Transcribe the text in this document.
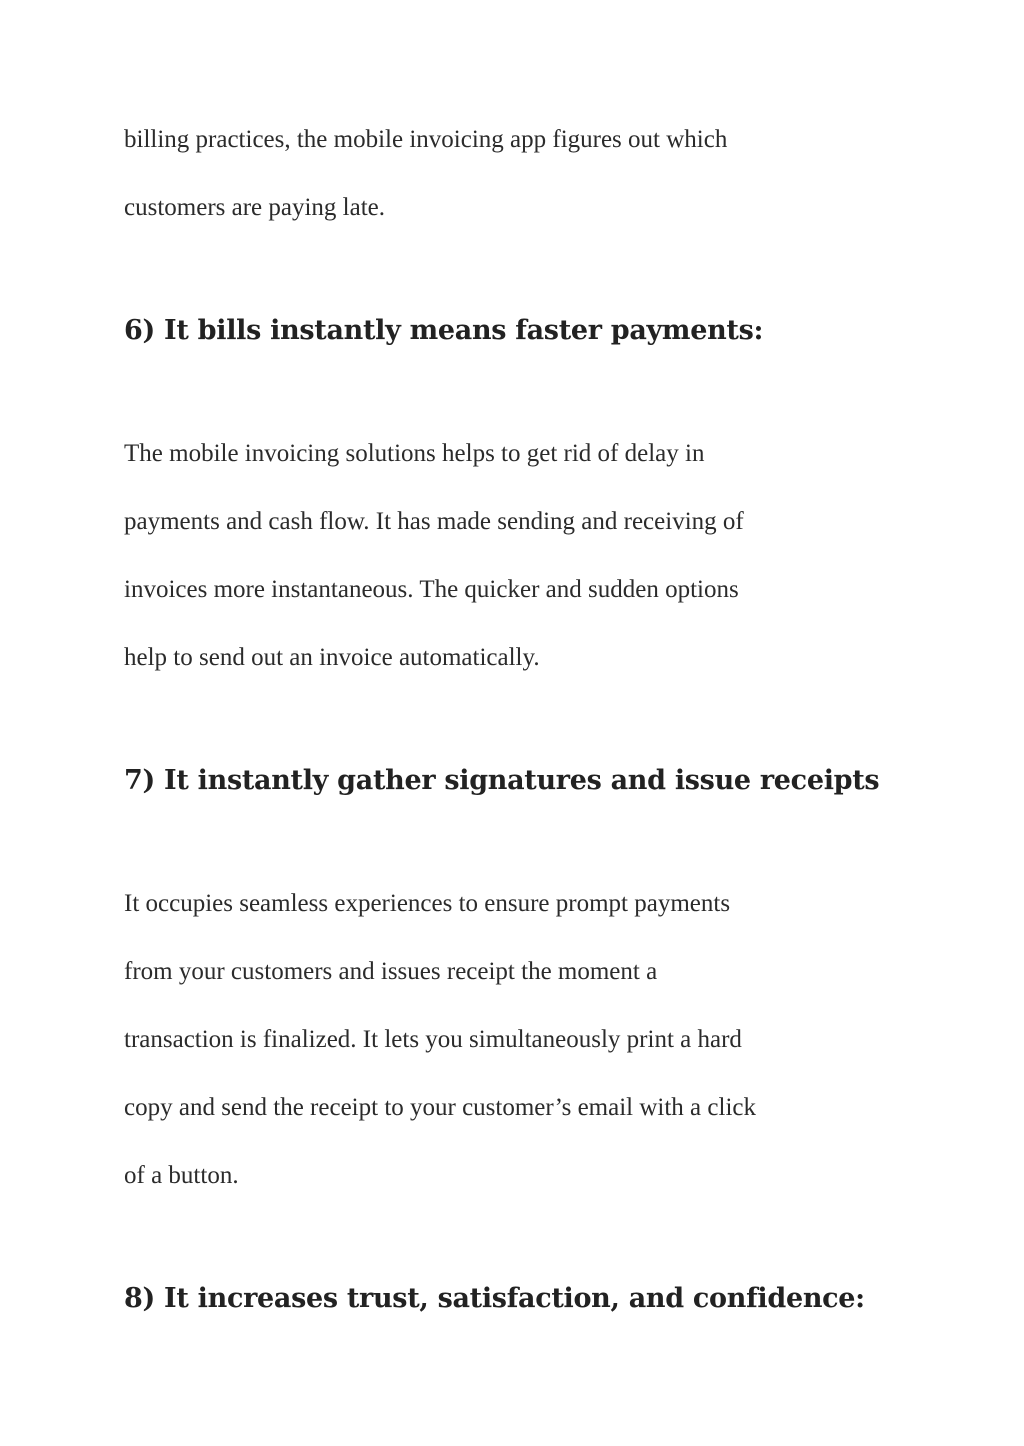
billing practices, the mobile invoicing app figures out which
customers are paying late.

6) It bills instantly means faster payments:

The mobile invoicing solutions helps to get rid of delay in
payments and cash flow. It has made sending and receiving of
invoices more instantaneous. The quicker and sudden options
help to send out an invoice automatically.

7) It instantly gather signatures and issue receipts

It occupies seamless experiences to ensure prompt payments
from your customers and issues receipt the moment a
transaction is finalized. It lets you simultaneously print a hard
copy and send the receipt to your customer’s email with a click
of a button.

8) It increases trust, satisfaction, and confidence:
